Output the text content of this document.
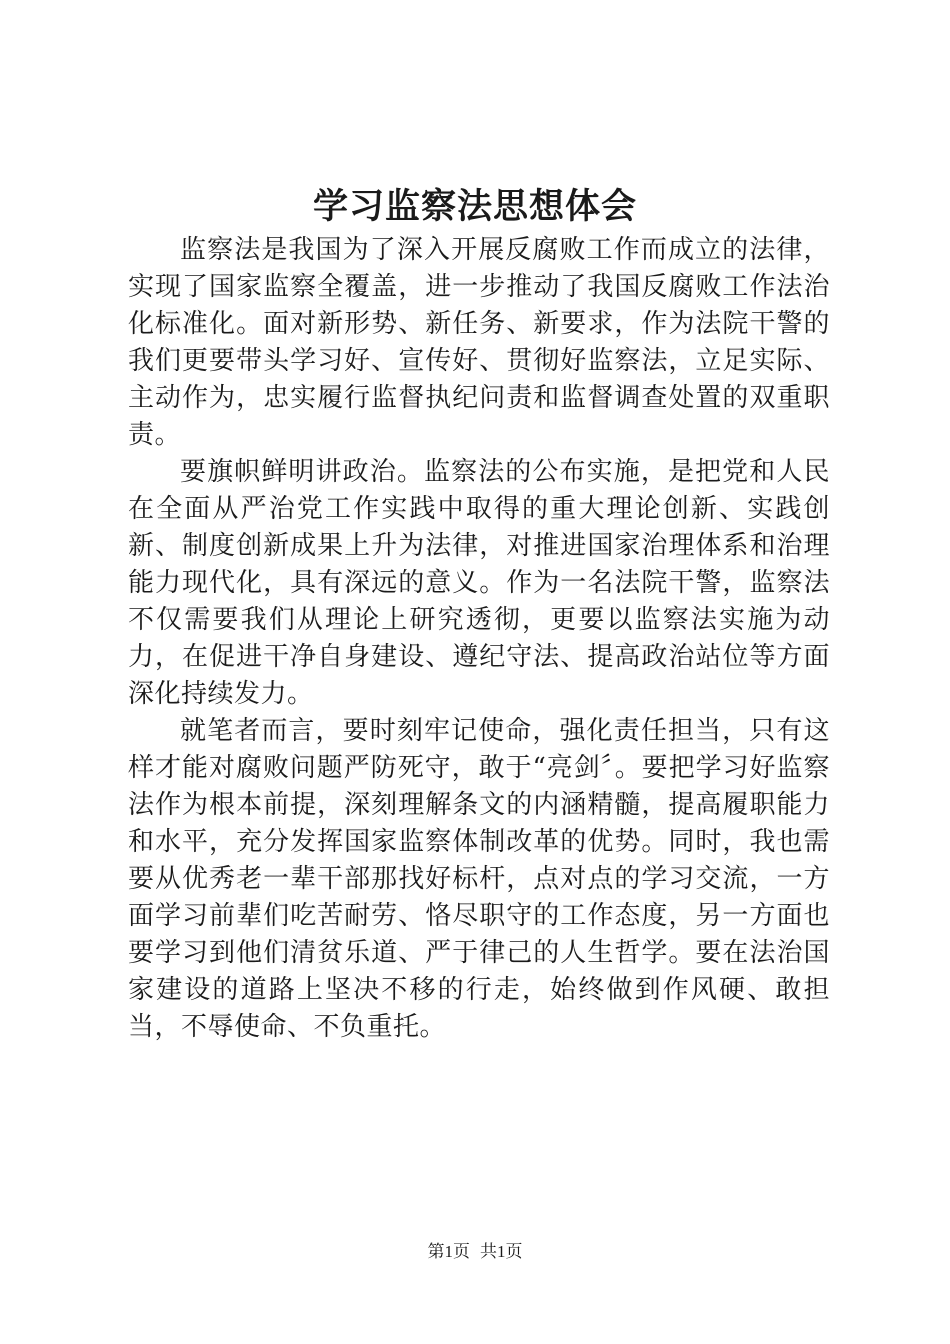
学习监察法思想体会

监察法是我国为了深入开展反腐败工作而成立的法律，实现了国家监察全覆盖，进一步推动了我国反腐败工作法治化标准化。面对新形势、新任务、新要求，作为法院干警的我们更要带头学习好、宣传好、贯彻好监察法，立足实际、主动作为，忠实履行监督执纪问责和监督调查处置的双重职责。

要旗帜鲜明讲政治。监察法的公布实施，是把党和人民在全面从严治党工作实践中取得的重大理论创新、实践创新、制度创新成果上升为法律，对推进国家治理体系和治理能力现代化，具有深远的意义。作为一名法院干警，监察法不仅需要我们从理论上研究透彻，更要以监察法实施为动力，在促进干净自身建设、遵纪守法、提高政治站位等方面深化持续发力。

就笔者而言，要时刻牢记使命，强化责任担当，只有这样才能对腐败问题严防死守，敢于“亮剑〞。要把学习好监察法作为根本前提，深刻理解条文的内涵精髓，提高履职能力和水平，充分发挥国家监察体制改革的优势。同时，我也需要从优秀老一辈干部那找好标杆，点对点的学习交流，一方面学习前辈们吃苦耐劳、恪尽职守的工作态度，另一方面也要学习到他们清贫乐道、严于律己的人生哲学。要在法治国家建设的道路上坚决不移的行走，始终做到作风硬、敢担当，不辱使命、不负重托。

第1页 共1页
